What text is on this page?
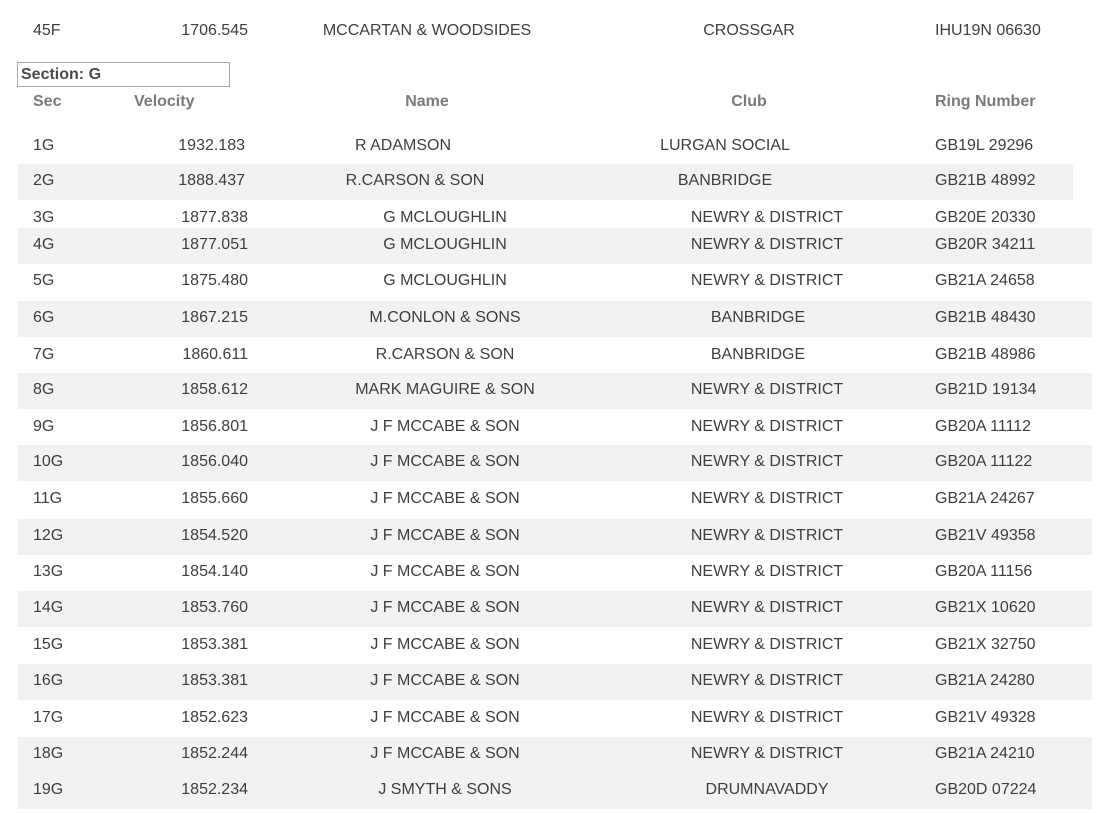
45F	1706.545	MCCARTAN & WOODSIDES	CROSSGAR	IHU19N 06630
Section: G
Sec	Velocity	Name	Club	Ring Number
1G	1932.183	R ADAMSON	LURGAN SOCIAL	GB19L 29296
2G	1888.437	R.CARSON & SON	BANBRIDGE	GB21B 48992
3G	1877.838	G MCLOUGHLIN	NEWRY & DISTRICT	GB20E 20330
4G	1877.051	G MCLOUGHLIN	NEWRY & DISTRICT	GB20R 34211
5G	1875.480	G MCLOUGHLIN	NEWRY & DISTRICT	GB21A 24658
6G	1867.215	M.CONLON & SONS	BANBRIDGE	GB21B 48430
7G	1860.611	R.CARSON & SON	BANBRIDGE	GB21B 48986
8G	1858.612	MARK MAGUIRE & SON	NEWRY & DISTRICT	GB21D 19134
9G	1856.801	J F MCCABE & SON	NEWRY & DISTRICT	GB20A 11112
10G	1856.040	J F MCCABE & SON	NEWRY & DISTRICT	GB20A 11122
11G	1855.660	J F MCCABE & SON	NEWRY & DISTRICT	GB21A 24267
12G	1854.520	J F MCCABE & SON	NEWRY & DISTRICT	GB21V 49358
13G	1854.140	J F MCCABE & SON	NEWRY & DISTRICT	GB20A 11156
14G	1853.760	J F MCCABE & SON	NEWRY & DISTRICT	GB21X 10620
15G	1853.381	J F MCCABE & SON	NEWRY & DISTRICT	GB21X 32750
16G	1853.381	J F MCCABE & SON	NEWRY & DISTRICT	GB21A 24280
17G	1852.623	J F MCCABE & SON	NEWRY & DISTRICT	GB21V 49328
18G	1852.244	J F MCCABE & SON	NEWRY & DISTRICT	GB21A 24210
19G	1852.234	J SMYTH & SONS	DRUMNAVADDY	GB20D 07224
